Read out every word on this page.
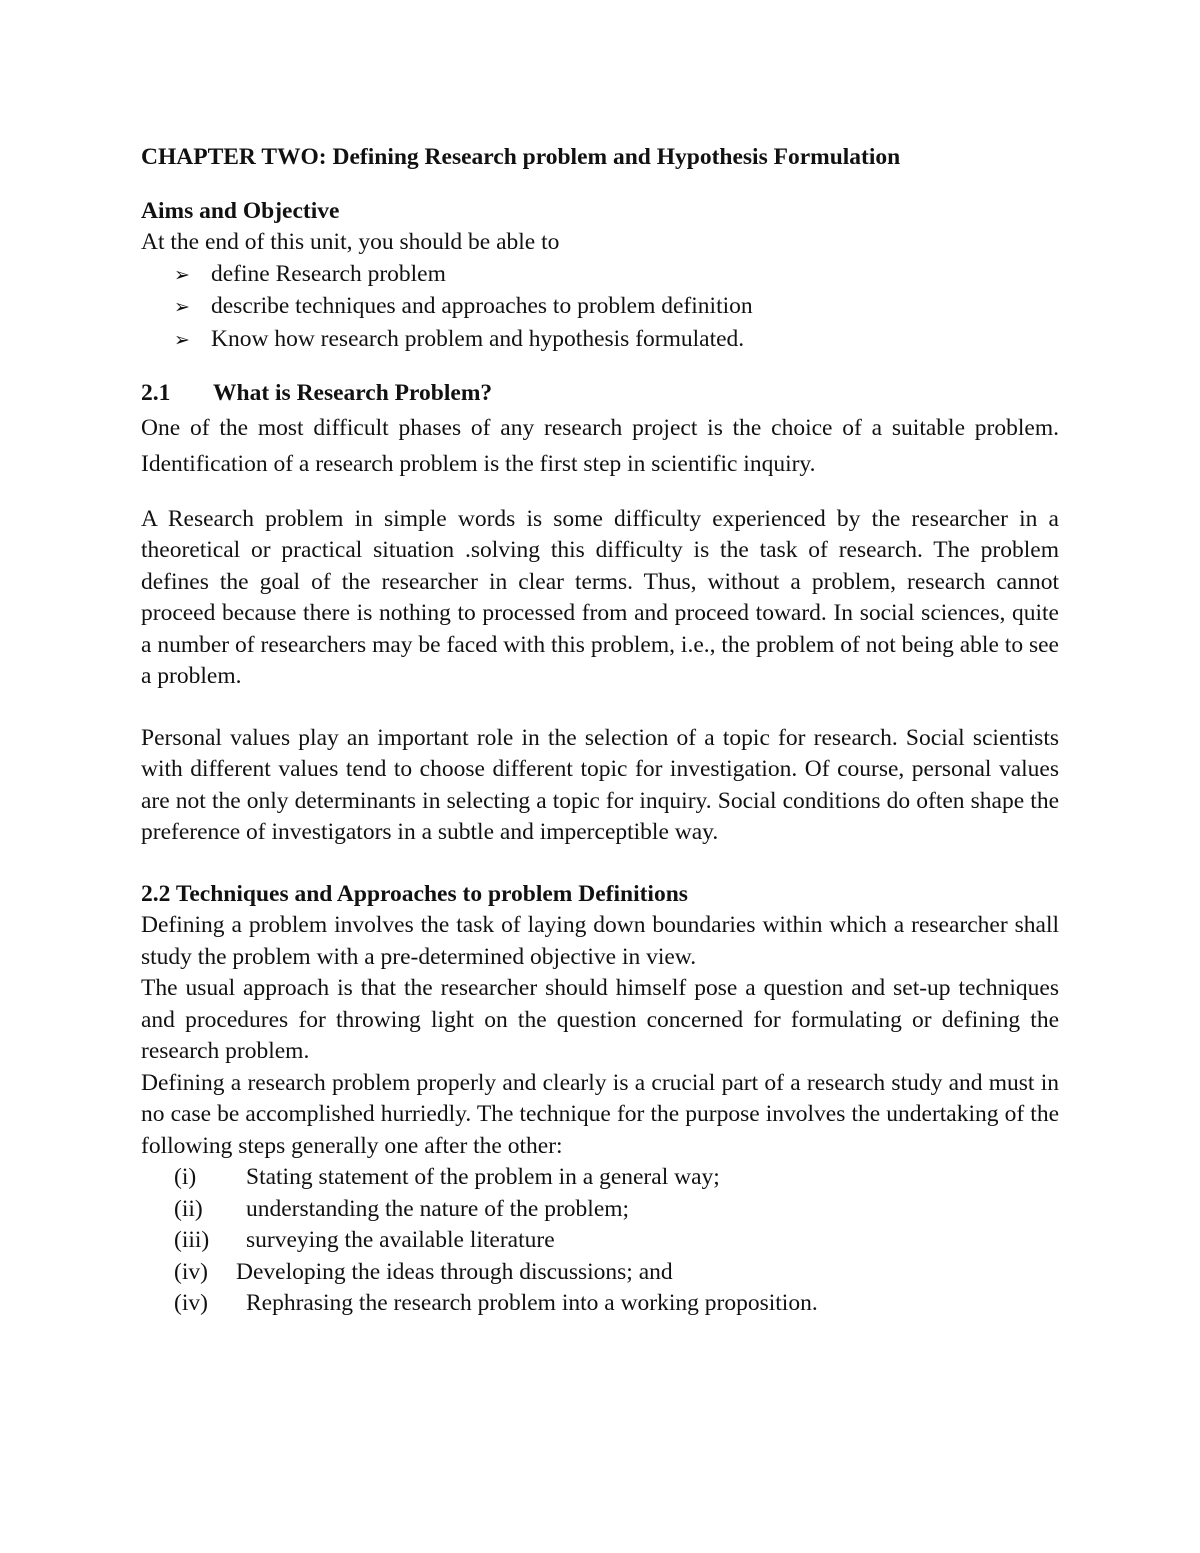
CHAPTER TWO: Defining Research problem and Hypothesis Formulation

Aims and Objective

At the end of this unit, you should be able to

➢ define Research problem
➢ describe techniques and approaches to problem definition
➢ Know how research problem and hypothesis formulated.

2.1 What is Research Problem?

One of the most difficult phases of any research project is the choice of a suitable problem. Identification of a research problem is the first step in scientific inquiry.

A Research problem in simple words is some difficulty experienced by the researcher in a theoretical or practical situation .solving this difficulty is the task of research. The problem defines the goal of the researcher in clear terms. Thus, without a problem, research cannot proceed because there is nothing to processed from and proceed toward. In social sciences, quite a number of researchers may be faced with this problem, i.e., the problem of not being able to see a problem.

Personal values play an important role in the selection of a topic for research. Social scientists with different values tend to choose different topic for investigation. Of course, personal values are not the only determinants in selecting a topic for inquiry. Social conditions do often shape the preference of investigators in a subtle and imperceptible way.

2.2 Techniques and Approaches to problem Definitions

Defining a problem involves the task of laying down boundaries within which a researcher shall study the problem with a pre-determined objective in view.

The usual approach is that the researcher should himself pose a question and set-up techniques and procedures for throwing light on the question concerned for formulating or defining the research problem.

Defining a research problem properly and clearly is a crucial part of a research study and must in no case be accomplished hurriedly. The technique for the purpose involves the undertaking of the following steps generally one after the other:

(i)	Stating statement of the problem in a general way;
(ii)	understanding the nature of the problem;
(iii)	surveying the available literature
(iv)	Developing the ideas through discussions; and
(iv)	Rephrasing the research problem into a working proposition.
